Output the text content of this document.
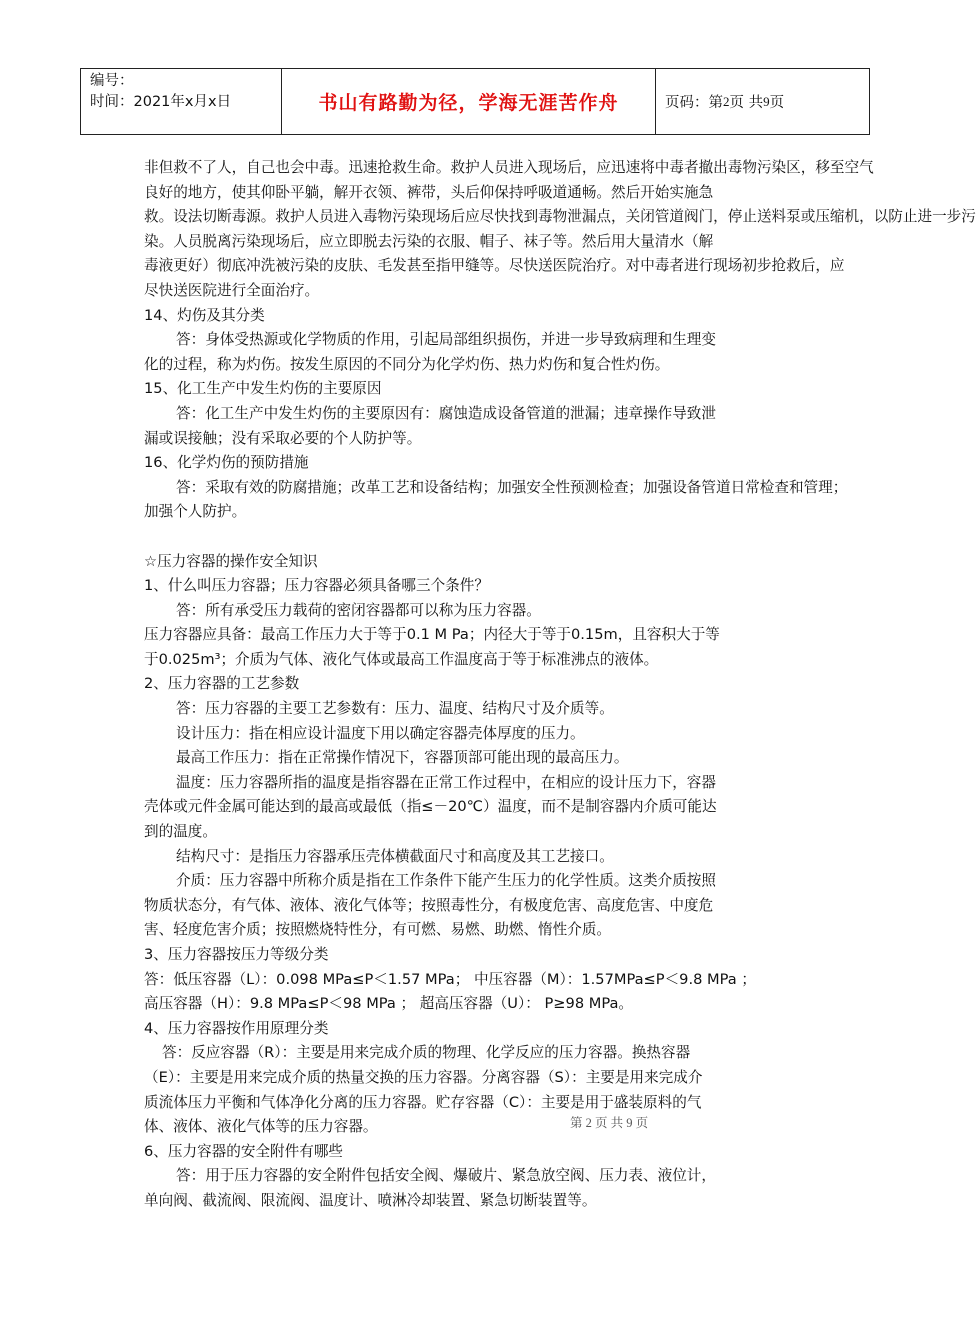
编号：
时间：2021年x月x日	书山有路勤为径，学海无涯苦作舟	页码：第 2 页 共 9 页

非但救不了人，自己也会中毒。迅速抢救生命。救护人员进入现场后，应迅速将中毒者撤出毒物污染区，移至空气

良好的地方，使其仰卧平躺，解开衣领、裤带，头后仰保持呼吸道通畅。然后开始实施急

救。设法切断毒源。救护人员进入毒物污染现场后应尽快找到毒物泄漏点，关闭管道阀门，停止送料泵或压缩机，以防止进一步污

染。人员脱离污染现场后，应立即脱去污染的衣服、帽子、袜子等。然后用大量清水（解

毒液更好）彻底冲洗被污染的皮肤、毛发甚至指甲缝等。尽快送医院治疗。对中毒者进行现场初步抢救后，应

尽快送医院进行全面治疗。

14、灼伤及其分类

答：身体受热源或化学物质的作用，引起局部组织损伤，并进一步导致病理和生理变

化的过程，称为灼伤。按发生原因的不同分为化学灼伤、热力灼伤和复合性灼伤。

15、化工生产中发生灼伤的主要原因

答：化工生产中发生灼伤的主要原因有：腐蚀造成设备管道的泄漏；违章操作导致泄

漏或误接触；没有采取必要的个人防护等。

16、化学灼伤的预防措施

答：采取有效的防腐措施；改革工艺和设备结构；加强安全性预测检查；加强设备管道日常检查和管理；

加强个人防护。

☆压力容器的操作安全知识

1、什么叫压力容器；压力容器必须具备哪三个条件？

答：所有承受压力载荷的密闭容器都可以称为压力容器。

压力容器应具备：最高工作压力大于等于0.1 M Pa；内径大于等于0.15m，且容积大于等

于0.025m³；介质为气体、液化气体或最高工作温度高于等于标准沸点的液体。

2、压力容器的工艺参数

答：压力容器的主要工艺参数有：压力、温度、结构尺寸及介质等。

设计压力：指在相应设计温度下用以确定容器壳体厚度的压力。

最高工作压力：指在正常操作情况下，容器顶部可能出现的最高压力。

温度：压力容器所指的温度是指容器在正常工作过程中，在相应的设计压力下，容器

壳体或元件金属可能达到的最高或最低（指≤－20℃）温度，而不是制容器内介质可能达

到的温度。

结构尺寸：是指压力容器承压壳体横截面尺寸和高度及其工艺接口。

介质：压力容器中所称介质是指在工作条件下能产生压力的化学性质。这类介质按照

物质状态分，有气体、液体、液化气体等；按照毒性分，有极度危害、高度危害、中度危

害、轻度危害介质；按照燃烧特性分，有可燃、易燃、助燃、惰性介质。

3、压力容器按压力等级分类

答：低压容器（L）：0.098 MPa≤P＜1.57 MPa； 中压容器（M）：1.57MPa≤P＜9.8 MPa ；

高压容器（H）：9.8 MPa≤P＜98 MPa ； 超高压容器（U）： P≥98 MPa。

4、压力容器按作用原理分类

答：反应容器（R）：主要是用来完成介质的物理、化学反应的压力容器。换热容器

（E）：主要是用来完成介质的热量交换的压力容器。分离容器（S）：主要是用来完成介

质流体压力平衡和气体净化分离的压力容器。贮存容器（C）：主要是用于盛装原料的气

体、液体、液化气体等的压力容器。

6、压力容器的安全附件有哪些

答：用于压力容器的安全附件包括安全阀、爆破片、紧急放空阀、压力表、液位计，

单向阀、截流阀、限流阀、温度计、喷淋冷却装置、紧急切断装置等。

第 2 页 共 9 页
